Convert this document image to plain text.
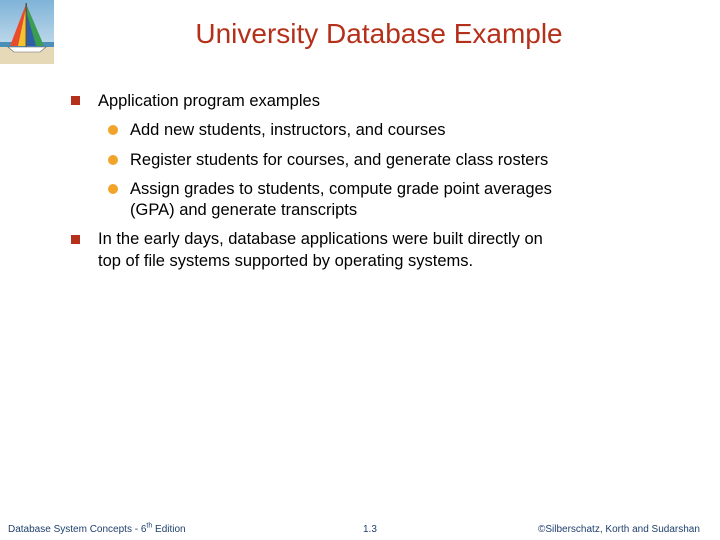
University Database Example
Application program examples
Add new students, instructors, and courses
Register students for courses, and generate class rosters
Assign grades to students, compute grade point averages
(GPA) and generate transcripts
In the early days, database applications were built directly on
top of file systems supported by operating systems.
Database System Concepts - 6th Edition	1.3	©Silberschatz, Korth and Sudarshan
